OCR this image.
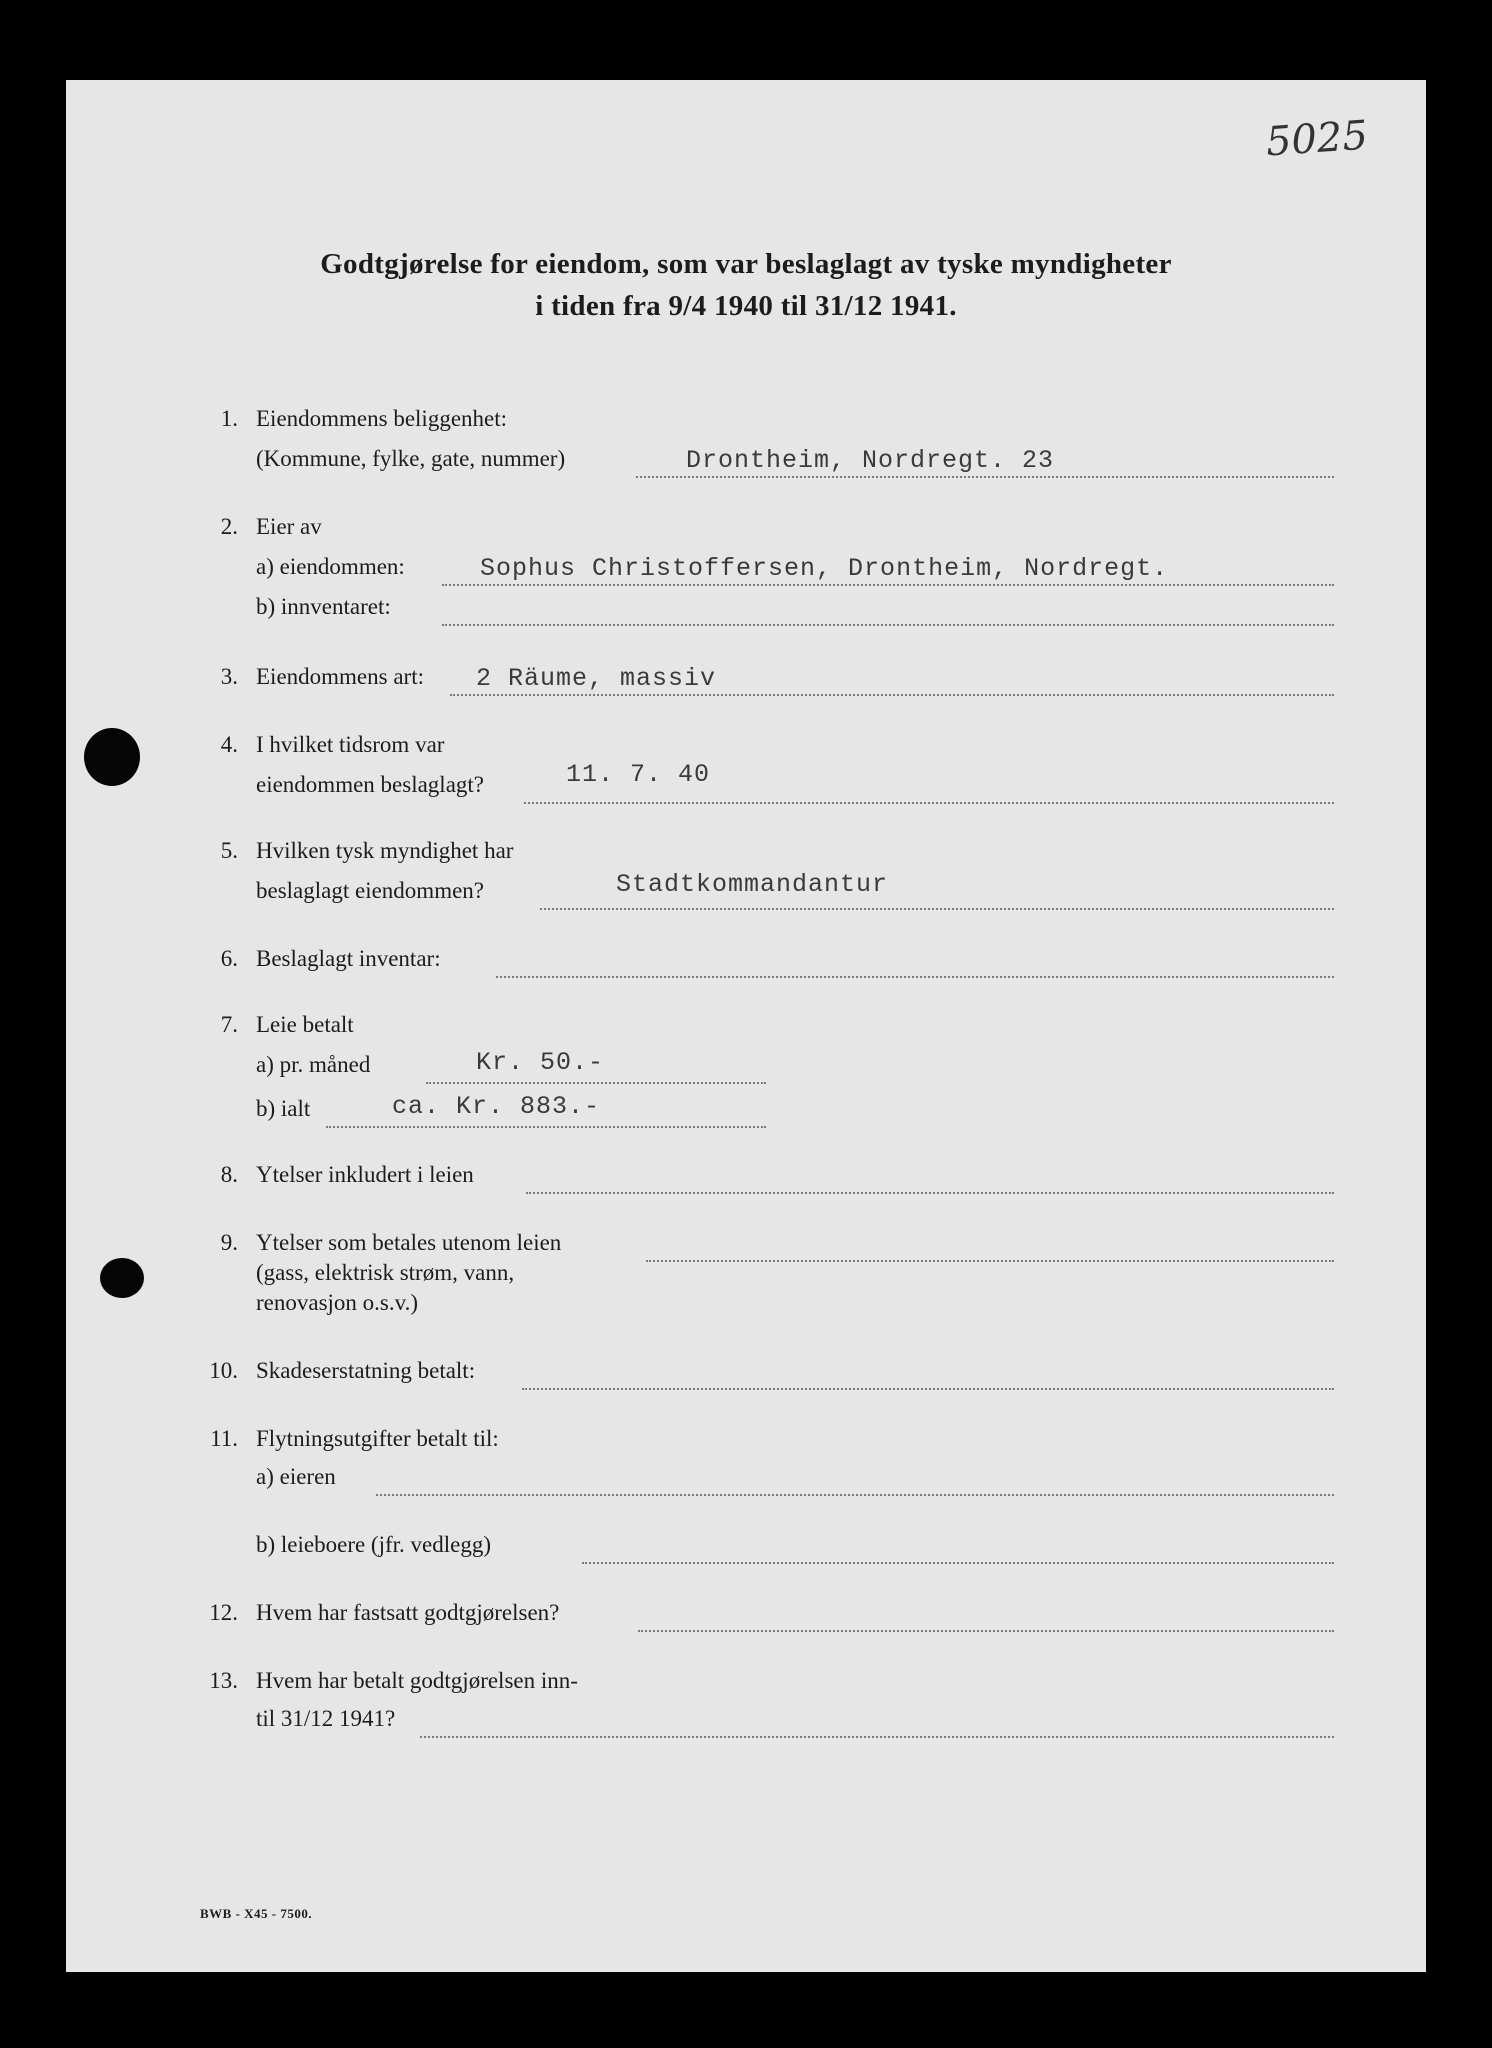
5025
Godtgjørelse for eiendom, som var beslaglagt av tyske myndigheter
i tiden fra 9/4 1940 til 31/12 1941.
1. Eiendommens beliggenhet:
(Kommune, fylke, gate, nummer)	Drontheim, Nordregt. 23
2. Eier av
a) eiendommen:	Sophus Christoffersen, Drontheim, Nordregt.
b) innventaret:
3. Eiendommens art: 2 Räume, massiv
4. I hvilket tidsrom var
eiendommen beslaglagt?	11. 7. 40
5. Hvilken tysk myndighet har
beslaglagt eiendommen?	Stadtkommandantur
6. Beslaglagt inventar:
7. Leie betalt
a) pr. måned	Kr. 50.-
b) ialt	ca. Kr. 883.-
8. Ytelser inkludert i leien
9. Ytelser som betales utenom leien
(gass, elektrisk strøm, vann,
renovasjon o.s.v.)
10. Skadeserstatning betalt:
11. Flytningsutgifter betalt til:
a) eieren
b) leieboere (jfr. vedlegg)
12. Hvem har fastsatt godtgjørelsen?
13. Hvem har betalt godtgjørelsen inn-
til 31/12 1941?
BWB - X45 - 7500.
